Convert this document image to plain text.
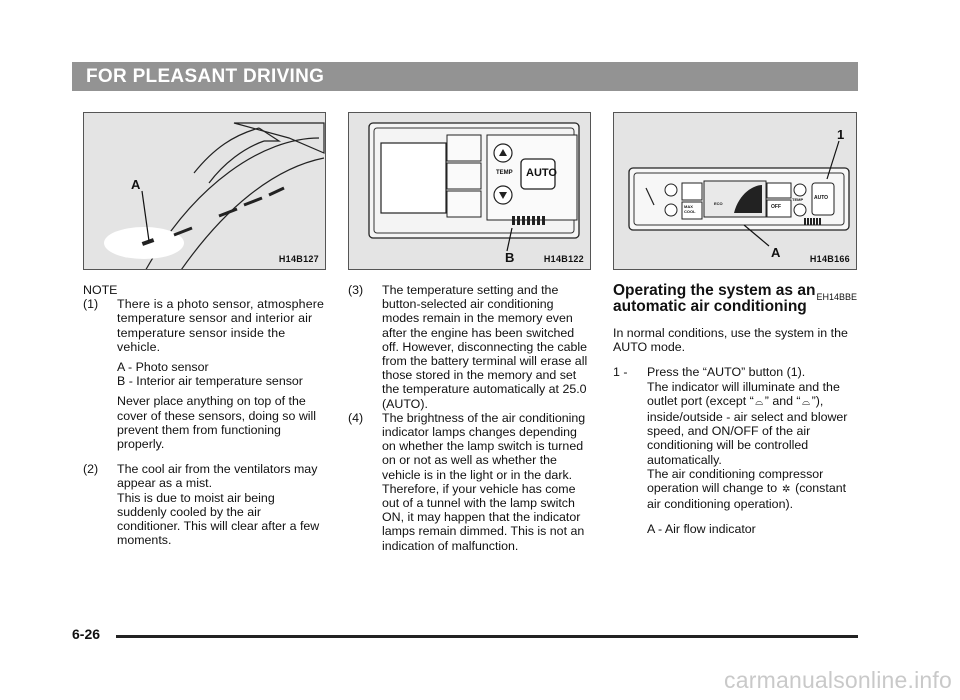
FOR PLEASANT DRIVING
A
H14B127
TEMP AUTO
B	H14B122
1
A
AUTO
TEMP
OFF
MAX COOL
ECO
H14B166

NOTE

(1) There is a photo sensor, atmosphere temperature sensor and interior air temperature sensor inside the vehicle.

A - Photo sensor

B - Interior air temperature sensor

Never place anything on top of the cover of these sensors, doing so will prevent them from functioning properly.

(2) The cool air from the ventilators may appear as a mist.

This is due to moist air being suddenly cooled by the air conditioner. This will clear after a few moments.

(3) The temperature setting and the button-selected air conditioning modes remain in the memory even after the engine has been switched off. However, disconnecting the cable from the battery terminal will erase all those stored in the memory and set the temperature automatically at 25.0 (AUTO).

(4) The brightness of the air conditioning indicator lamps changes depending on whether the lamp switch is turned on or not as well as whether the vehicle is in the light or in the dark. Therefore, if your vehicle has come out of a tunnel with the lamp switch ON, it may happen that the indicator lamps remain dimmed. This is not an indication of malfunction.

EH14BBE
Operating the system as an automatic air conditioning

In normal conditions, use the system in the AUTO mode.

1 - Press the “AUTO” button (1).

The indicator will illuminate and the outlet port (except “ ⌓ ” and “ ⌓ ”), inside/outside - air select and blower speed, and ON/OFF of the air conditioning will be controlled automatically.

The air conditioning compressor operation will change to ✲ (constant air conditioning operation).

A - Air flow indicator

6-26
carmanualsonline.info
